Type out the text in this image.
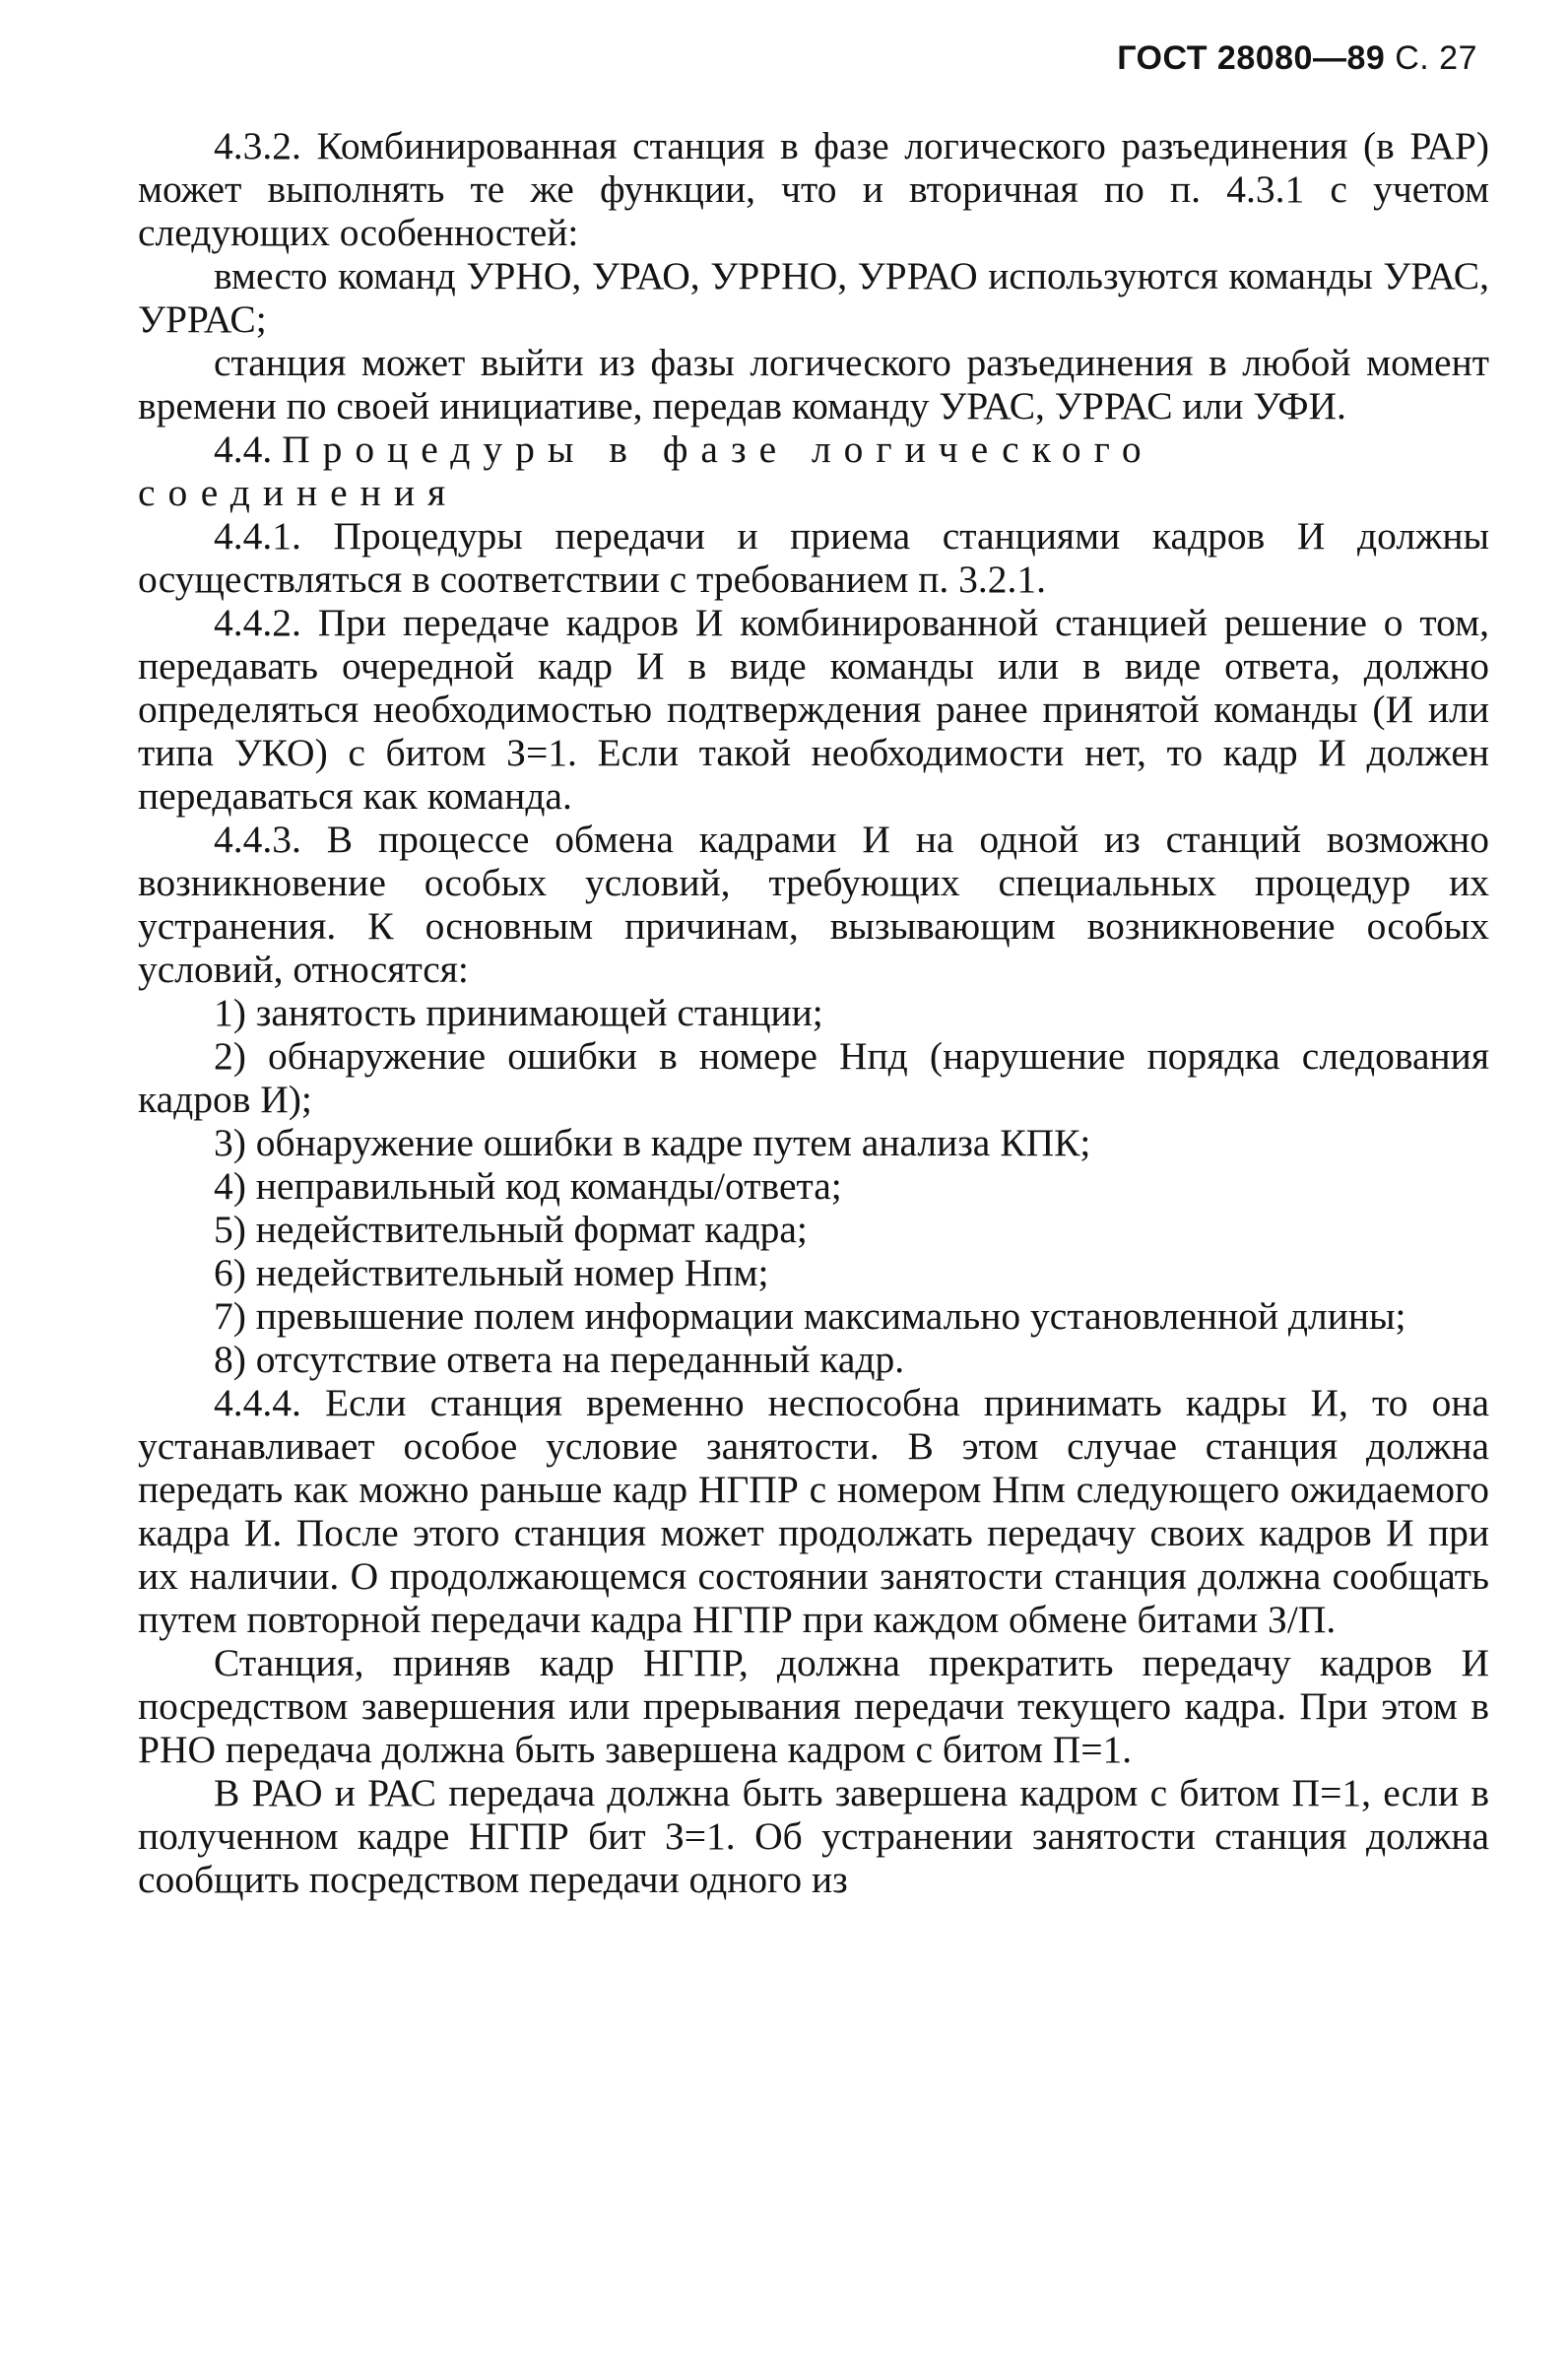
ГОСТ 28080—89 С. 27

4.3.2. Комбинированная станция в фазе логического разъединения (в РАР) может выполнять те же функции, что и вторичная по п. 4.3.1 с учетом следующих особенностей:

вместо команд УРНО, УРАО, УРРНО, УРРАО используются команды УРАС, УРРАС;

станция может выйти из фазы логического разъединения в любой момент времени по своей инициативе, передав команду УРАС, УРРАС или УФИ.

4.4. Процедуры в фазе логического соединения

4.4.1. Процедуры передачи и приема станциями кадров И должны осуществляться в соответствии с требованием п. 3.2.1.

4.4.2. При передаче кадров И комбинированной станцией решение о том, передавать очередной кадр И в виде команды или в виде ответа, должно определяться необходимостью подтверждения ранее принятой команды (И или типа УКО) с битом З=1. Если такой необходимости нет, то кадр И должен передаваться как команда.

4.4.3. В процессе обмена кадрами И на одной из станций возможно возникновение особых условий, требующих специальных процедур их устранения. К основным причинам, вызывающим возникновение особых условий, относятся:

1) занятость принимающей станции;

2) обнаружение ошибки в номере Нпд (нарушение порядка следования кадров И);

3) обнаружение ошибки в кадре путем анализа КПК;

4) неправильный код команды/ответа;

5) недействительный формат кадра;

6) недействительный номер Нпм;

7) превышение полем информации максимально установленной длины;

8) отсутствие ответа на переданный кадр.

4.4.4. Если станция временно неспособна принимать кадры И, то она устанавливает особое условие занятости. В этом случае станция должна передать как можно раньше кадр НГПР с номером Нпм следующего ожидаемого кадра И. После этого станция может продолжать передачу своих кадров И при их наличии. О продолжающемся состоянии занятости станция должна сообщать путем повторной передачи кадра НГПР при каждом обмене битами З/П.

Станция, приняв кадр НГПР, должна прекратить передачу кадров И посредством завершения или прерывания передачи текущего кадра. При этом в РНО передача должна быть завершена кадром с битом П=1.

В РАО и РАС передача должна быть завершена кадром с битом П=1, если в полученном кадре НГПР бит З=1. Об устранении занятости станция должна сообщить посредством передачи одного из
